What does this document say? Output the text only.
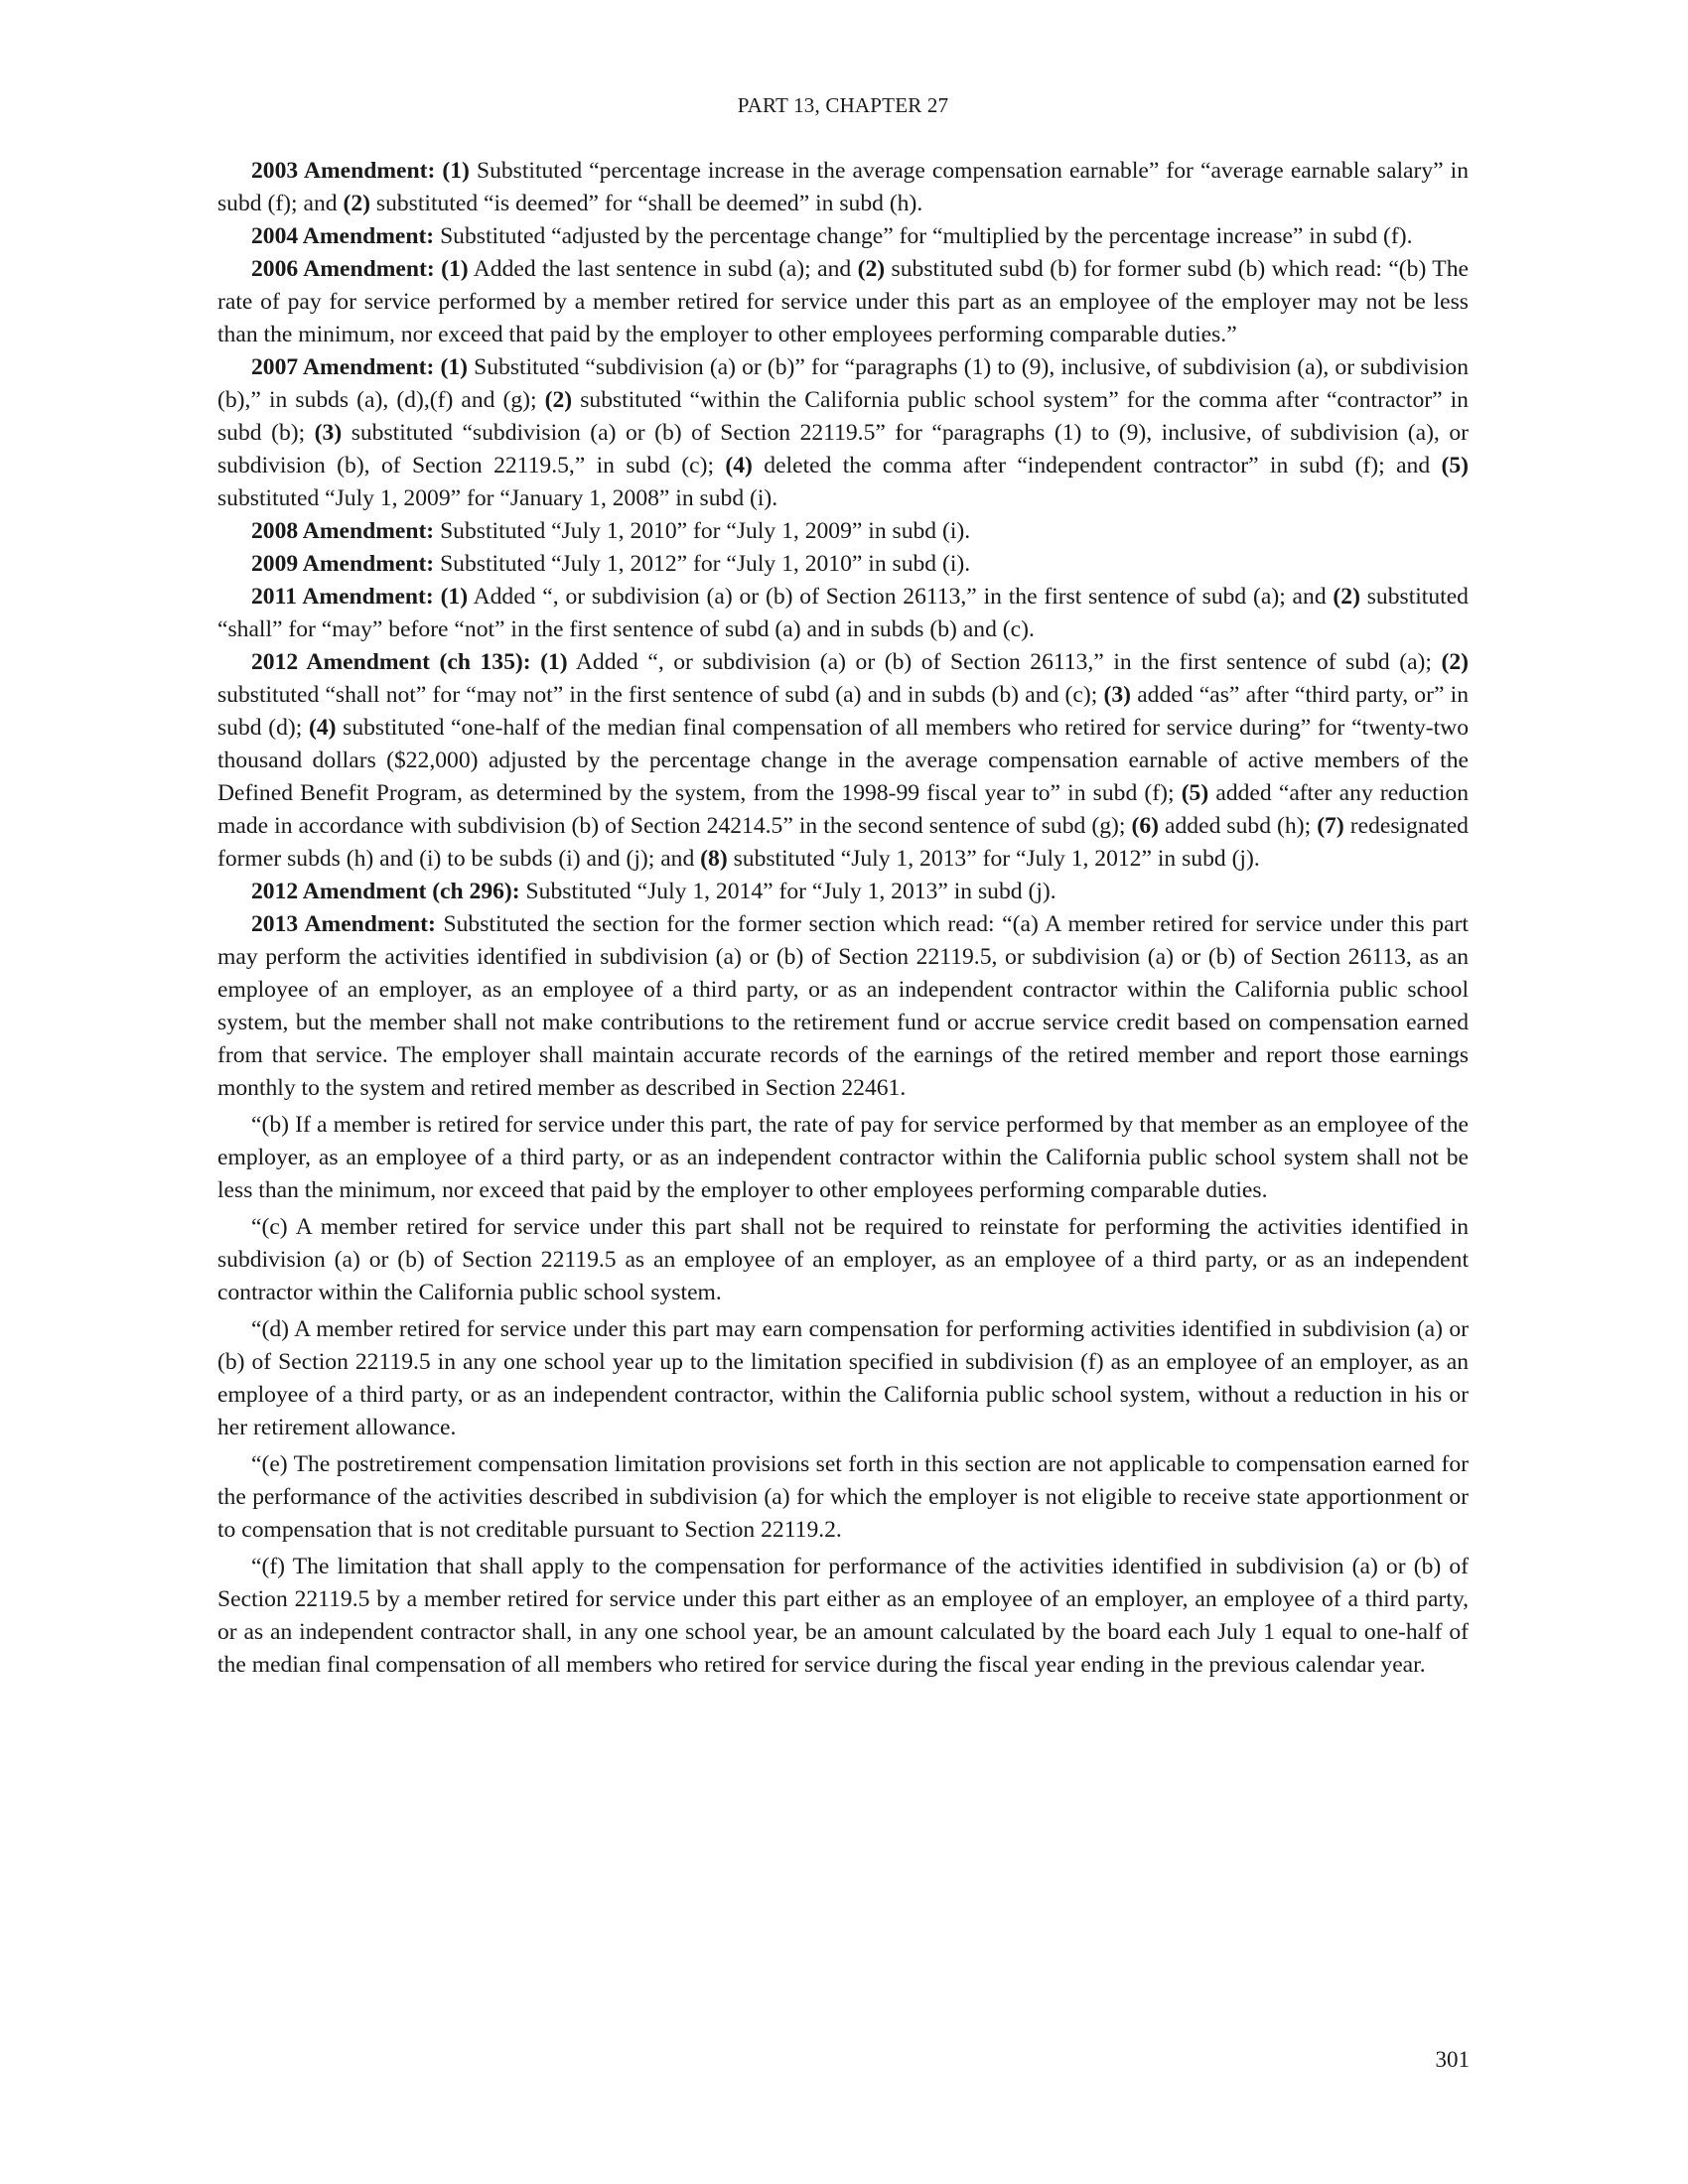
PART 13, CHAPTER 27

2003 Amendment: (1) Substituted “percentage increase in the average compensation earnable” for “average earnable salary” in subd (f); and (2) substituted “is deemed” for “shall be deemed” in subd (h).

2004 Amendment: Substituted “adjusted by the percentage change” for “multiplied by the percentage increase” in subd (f).

2006 Amendment: (1) Added the last sentence in subd (a); and (2) substituted subd (b) for former subd (b) which read: “(b) The rate of pay for service performed by a member retired for service under this part as an employee of the employer may not be less than the minimum, nor exceed that paid by the employer to other employees performing comparable duties.”

2007 Amendment: (1) Substituted “subdivision (a) or (b)” for “paragraphs (1) to (9), inclusive, of subdivision (a), or subdivision (b),” in subds (a), (d),(f) and (g); (2) substituted “within the California public school system” for the comma after “contractor” in subd (b); (3) substituted “subdivision (a) or (b) of Section 22119.5” for “paragraphs (1) to (9), inclusive, of subdivision (a), or subdivision (b), of Section 22119.5,” in subd (c); (4) deleted the comma after “independent contractor” in subd (f); and (5) substituted “July 1, 2009” for “January 1, 2008” in subd (i).

2008 Amendment: Substituted “July 1, 2010” for “July 1, 2009” in subd (i).

2009 Amendment: Substituted “July 1, 2012” for “July 1, 2010” in subd (i).

2011 Amendment: (1) Added “, or subdivision (a) or (b) of Section 26113,” in the first sentence of subd (a); and (2) substituted “shall” for “may” before “not” in the first sentence of subd (a) and in subds (b) and (c).

2012 Amendment (ch 135): (1) Added “, or subdivision (a) or (b) of Section 26113,” in the first sentence of subd (a); (2) substituted “shall not” for “may not” in the first sentence of subd (a) and in subds (b) and (c); (3) added “as” after “third party, or” in subd (d); (4) substituted “one-half of the median final compensation of all members who retired for service during” for “twenty-two thousand dollars ($22,000) adjusted by the percentage change in the average compensation earnable of active members of the Defined Benefit Program, as determined by the system, from the 1998-99 fiscal year to” in subd (f); (5) added “after any reduction made in accordance with subdivision (b) of Section 24214.5” in the second sentence of subd (g); (6) added subd (h); (7) redesignated former subds (h) and (i) to be subds (i) and (j); and (8) substituted “July 1, 2013” for “July 1, 2012” in subd (j).

2012 Amendment (ch 296): Substituted “July 1, 2014” for “July 1, 2013” in subd (j).

2013 Amendment: Substituted the section for the former section which read: “(a) A member retired for service under this part may perform the activities identified in subdivision (a) or (b) of Section 22119.5, or subdivision (a) or (b) of Section 26113, as an employee of an employer, as an employee of a third party, or as an independent contractor within the California public school system, but the member shall not make contributions to the retirement fund or accrue service credit based on compensation earned from that service. The employer shall maintain accurate records of the earnings of the retired member and report those earnings monthly to the system and retired member as described in Section 22461.

“(b) If a member is retired for service under this part, the rate of pay for service performed by that member as an employee of the employer, as an employee of a third party, or as an independent contractor within the California public school system shall not be less than the minimum, nor exceed that paid by the employer to other employees performing comparable duties.

“(c) A member retired for service under this part shall not be required to reinstate for performing the activities identified in subdivision (a) or (b) of Section 22119.5 as an employee of an employer, as an employee of a third party, or as an independent contractor within the California public school system.

“(d) A member retired for service under this part may earn compensation for performing activities identified in subdivision (a) or (b) of Section 22119.5 in any one school year up to the limitation specified in subdivision (f) as an employee of an employer, as an employee of a third party, or as an independent contractor, within the California public school system, without a reduction in his or her retirement allowance.

“(e) The postretirement compensation limitation provisions set forth in this section are not applicable to compensation earned for the performance of the activities described in subdivision (a) for which the employer is not eligible to receive state apportionment or to compensation that is not creditable pursuant to Section 22119.2.

“(f) The limitation that shall apply to the compensation for performance of the activities identified in subdivision (a) or (b) of Section 22119.5 by a member retired for service under this part either as an employee of an employer, an employee of a third party, or as an independent contractor shall, in any one school year, be an amount calculated by the board each July 1 equal to one-half of the median final compensation of all members who retired for service during the fiscal year ending in the previous calendar year.

301
